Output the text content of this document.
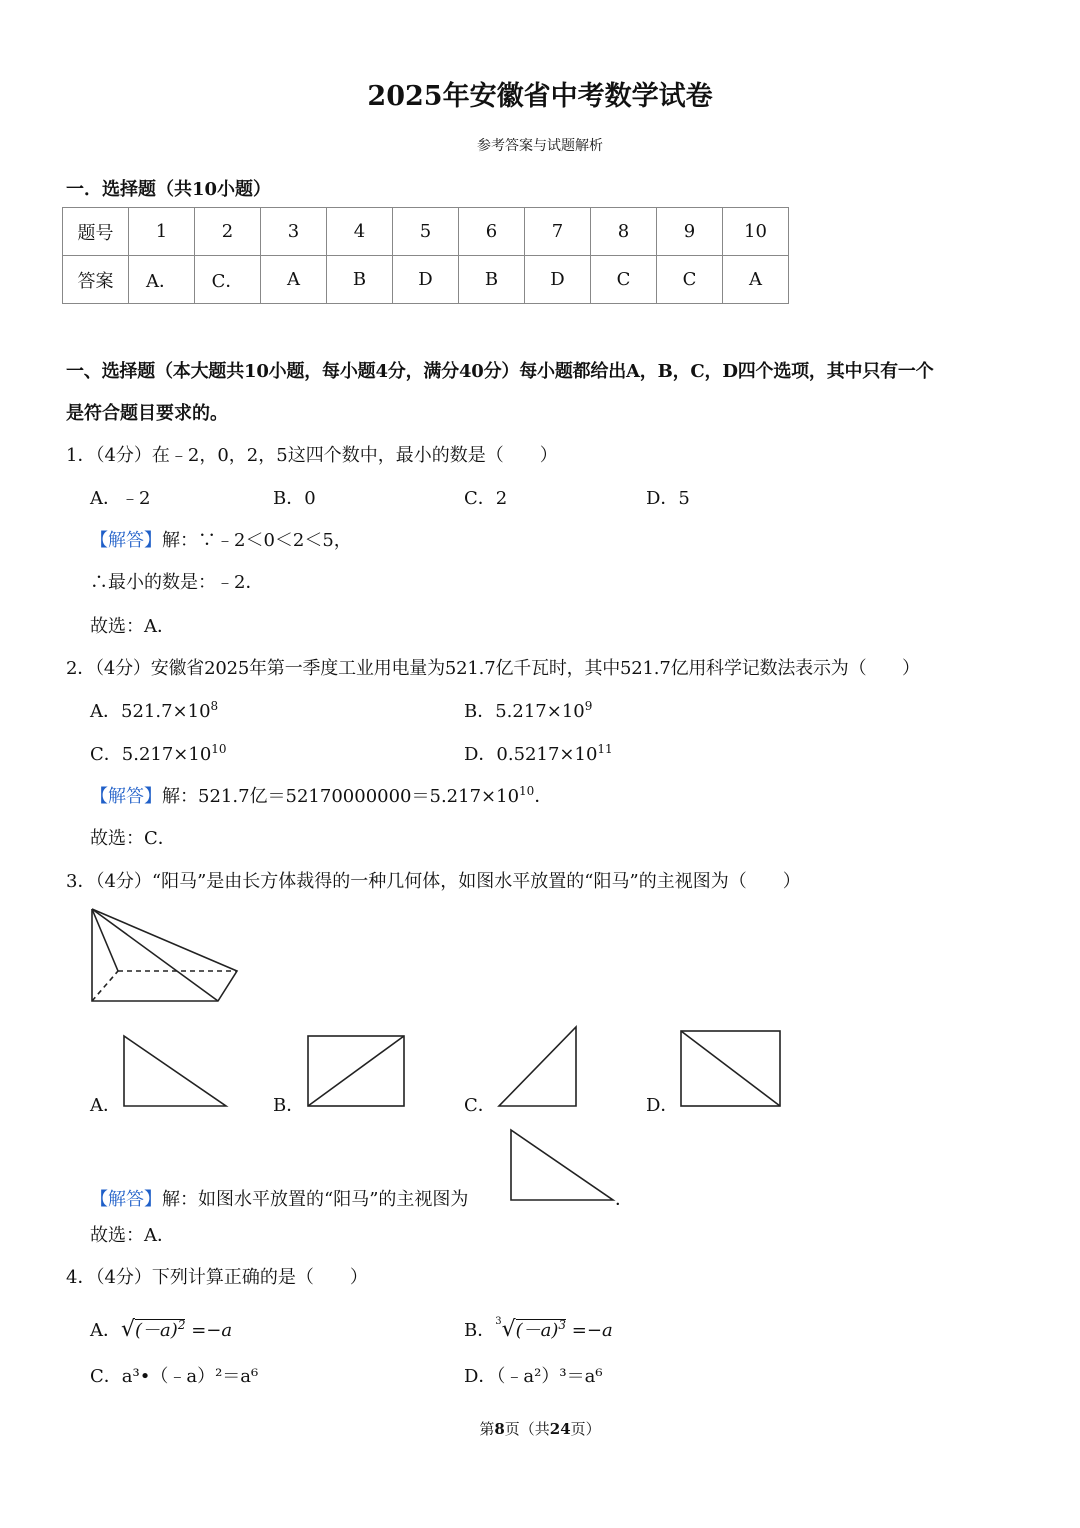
2025年安徽省中考数学试卷
参考答案与试题解析
一．选择题（共10小题）
题号	1	2	3	4	5	6	7	8	9	10
答案	A．	C．	A	B	D	B	D	C	C	A
一、选择题（本大题共10小题，每小题4分，满分40分）每小题都给出A，B，C，D四个选项，其中只有一个
是符合题目要求的。
1．（4分）在﹣2，0，2，5这四个数中，最小的数是（　　）
A．﹣2	B．0	C．2	D．5
【解答】解：∵﹣2＜0＜2＜5，
∴最小的数是：﹣2．
故选：A．
2．（4分）安徽省2025年第一季度工业用电量为521.7亿千瓦时，其中521.7亿用科学记数法表示为（　　）
A．$521.7\times 10^8$	B．$5.217\times 10^9$
C．$5.217\times 10^{10}$	D．$0.5217\times 10^{11}$
【解答】解：521.7亿$=52170000000=5.217\times 10^{10}$．
故选：C．
3．（4分）“阳马”是由长方体裁得的一种几何体，如图水平放置的“阳马”的主视图为（　　）
A．	B．	C．	D．
【解答】解：如图水平放置的“阳马”的主视图为	．
故选：A．
4．（4分）下列计算正确的是（　　）
A．$√(-a)^2 =-a$	B．$^3√(-a)^3 =-a$
C．a³•（﹣a）²＝a⁶	D．（﹣a²）³＝a⁶
第8页（共24页）
